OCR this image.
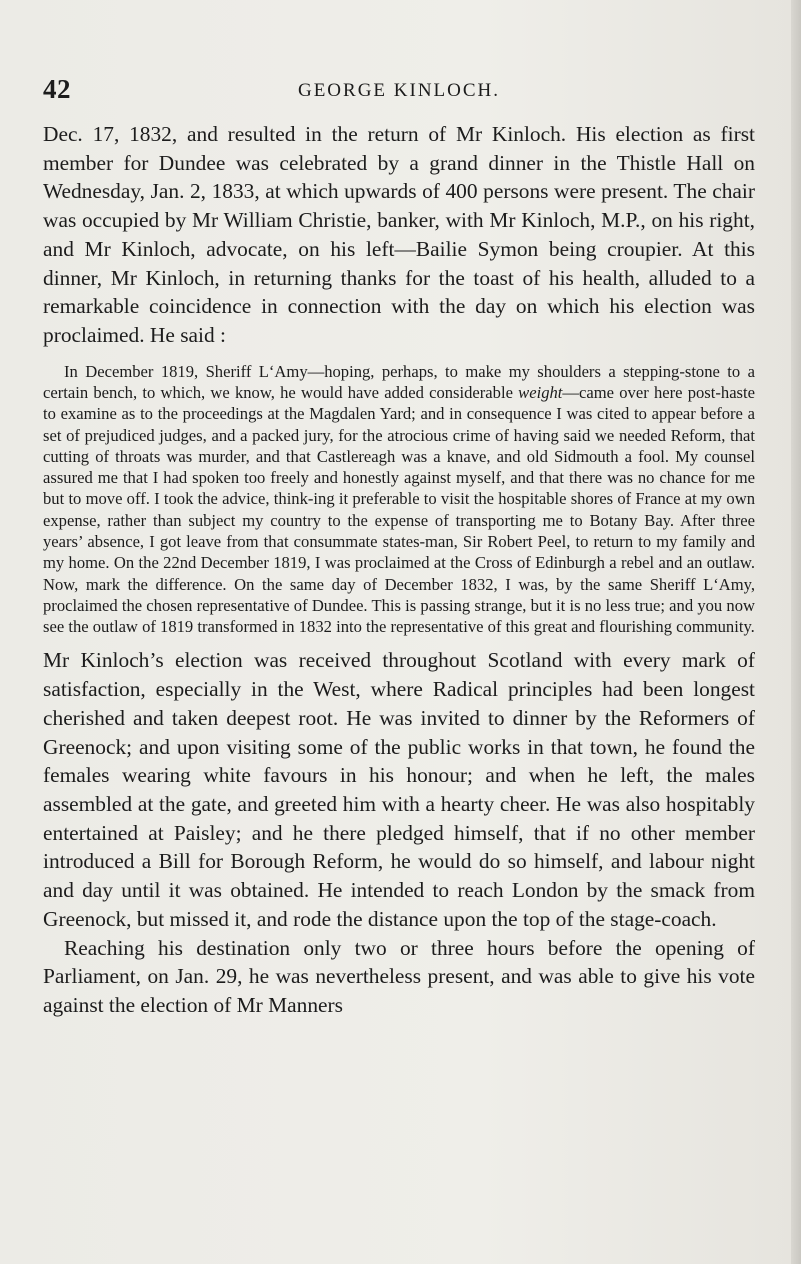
42	GEORGE KINLOCH.

Dec. 17, 1832, and resulted in the return of Mr Kinloch. His election as first member for Dundee was celebrated by a grand dinner in the Thistle Hall on Wednesday, Jan. 2, 1833, at which upwards of 400 persons were present. The chair was occupied by Mr William Christie, banker, with Mr Kinloch, M.P., on his right, and Mr Kinloch, advocate, on his left—Bailie Symon being croupier. At this dinner, Mr Kinloch, in returning thanks for the toast of his health, alluded to a remarkable coincidence in connection with the day on which his election was proclaimed. He said :

In December 1819, Sheriff L‘Amy—hoping, perhaps, to make my shoulders a stepping-stone to a certain bench, to which, we know, he would have added considerable weight—came over here post-haste to examine as to the proceedings at the Magdalen Yard; and in consequence I was cited to appear before a set of prejudiced judges, and a packed jury, for the atrocious crime of having said we needed Reform, that cutting of throats was murder, and that Castlereagh was a knave, and old Sidmouth a fool. My counsel assured me that I had spoken too freely and honestly against myself, and that there was no chance for me but to move off. I took the advice, think-ing it preferable to visit the hospitable shores of France at my own expense, rather than subject my country to the expense of transporting me to Botany Bay. After three years’ absence, I got leave from that consummate states-man, Sir Robert Peel, to return to my family and my home. On the 22nd December 1819, I was proclaimed at the Cross of Edinburgh a rebel and an outlaw. Now, mark the difference. On the same day of December 1832, I was, by the same Sheriff L‘Amy, proclaimed the chosen representative of Dundee. This is passing strange, but it is no less true; and you now see the outlaw of 1819 transformed in 1832 into the representative of this great and flourishing community.

Mr Kinloch’s election was received throughout Scotland with every mark of satisfaction, especially in the West, where Radical principles had been longest cherished and taken deepest root. He was invited to dinner by the Reformers of Greenock; and upon visiting some of the public works in that town, he found the females wearing white favours in his honour; and when he left, the males assembled at the gate, and greeted him with a hearty cheer. He was also hospitably entertained at Paisley; and he there pledged himself, that if no other member introduced a Bill for Borough Reform, he would do so himself, and labour night and day until it was obtained. He intended to reach London by the smack from Greenock, but missed it, and rode the distance upon the top of the stage-coach.

Reaching his destination only two or three hours before the opening of Parliament, on Jan. 29, he was nevertheless present, and was able to give his vote against the election of Mr Manners
